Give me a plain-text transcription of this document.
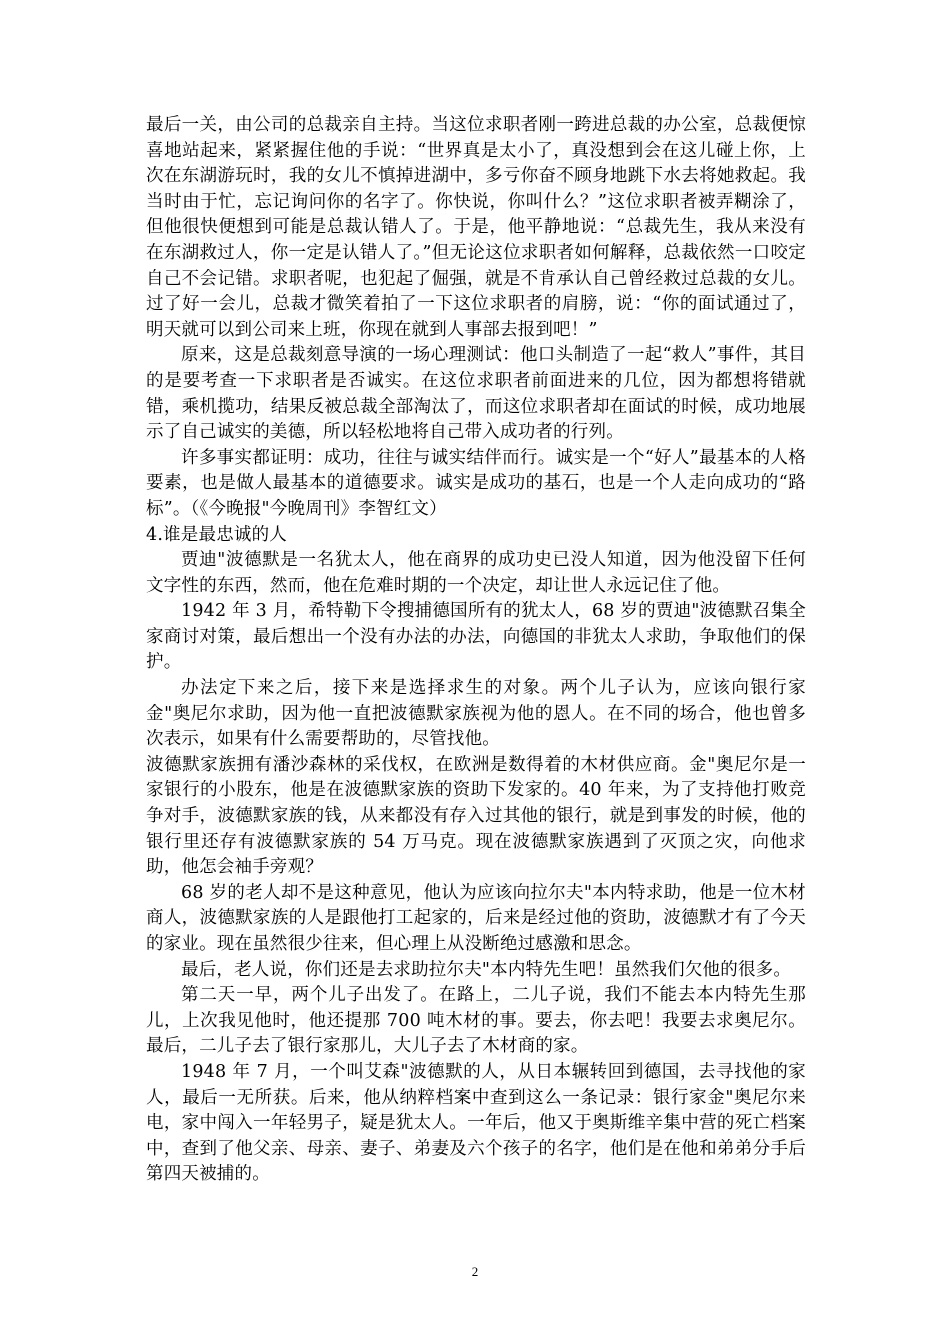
最后一关，由公司的总裁亲自主持。当这位求职者刚一跨进总裁的办公室，总裁便惊喜地站起来，紧紧握住他的手说：“世界真是太小了，真没想到会在这儿碰上你，上次在东湖游玩时，我的女儿不慎掉进湖中，多亏你奋不顾身地跳下水去将她救起。我当时由于忙，忘记询问你的名字了。你快说，你叫什么？”这位求职者被弄糊涂了，但他很快便想到可能是总裁认错人了。于是，他平静地说：“总裁先生，我从来没有在东湖救过人，你一定是认错人了。”但无论这位求职者如何解释，总裁依然一口咬定自己不会记错。求职者呢，也犯起了倔强，就是不肯承认自己曾经救过总裁的女儿。过了好一会儿，总裁才微笑着拍了一下这位求职者的肩膀，说：“你的面试通过了，明天就可以到公司来上班，你现在就到人事部去报到吧！”

原来，这是总裁刻意导演的一场心理测试：他口头制造了一起“救人”事件，其目的是要考查一下求职者是否诚实。在这位求职者前面进来的几位，因为都想将错就错，乘机揽功，结果反被总裁全部淘汰了，而这位求职者却在面试的时候，成功地展示了自己诚实的美德，所以轻松地将自己带入成功者的行列。

许多事实都证明：成功，往往与诚实结伴而行。诚实是一个“好人”最基本的人格要素，也是做人最基本的道德要求。诚实是成功的基石，也是一个人走向成功的“路标”。（《今晚报"今晚周刊》李智红文）

4.谁是最忠诚的人

贾迪"波德默是一名犹太人，他在商界的成功史已没人知道，因为他没留下任何文字性的东西，然而，他在危难时期的一个决定，却让世人永远记住了他。

1942 年 3 月，希特勒下令搜捕德国所有的犹太人，68 岁的贾迪"波德默召集全家商讨对策，最后想出一个没有办法的办法，向德国的非犹太人求助，争取他们的保护。

办法定下来之后，接下来是选择求生的对象。两个儿子认为，应该向银行家金"奥尼尔求助，因为他一直把波德默家族视为他的恩人。在不同的场合，他也曾多次表示，如果有什么需要帮助的，尽管找他。

波德默家族拥有潘沙森林的采伐权，在欧洲是数得着的木材供应商。金"奥尼尔是一家银行的小股东，他是在波德默家族的资助下发家的。40 年来，为了支持他打败竞争对手，波德默家族的钱，从来都没有存入过其他的银行，就是到事发的时候，他的银行里还存有波德默家族的 54 万马克。现在波德默家族遇到了灭顶之灾，向他求助，他怎会袖手旁观？

68 岁的老人却不是这种意见，他认为应该向拉尔夫"本内特求助，他是一位木材商人，波德默家族的人是跟他打工起家的，后来是经过他的资助，波德默才有了今天的家业。现在虽然很少往来，但心理上从没断绝过感激和思念。

最后，老人说，你们还是去求助拉尔夫"本内特先生吧！虽然我们欠他的很多。

第二天一早，两个儿子出发了。在路上，二儿子说，我们不能去本内特先生那儿，上次我见他时，他还提那 700 吨木材的事。要去，你去吧！我要去求奥尼尔。最后，二儿子去了银行家那儿，大儿子去了木材商的家。

1948 年 7 月，一个叫艾森"波德默的人，从日本辗转回到德国，去寻找他的家人，最后一无所获。后来，他从纳粹档案中查到这么一条记录：银行家金"奥尼尔来电，家中闯入一年轻男子，疑是犹太人。一年后，他又于奥斯维辛集中营的死亡档案中，查到了他父亲、母亲、妻子、弟妻及六个孩子的名字，他们是在他和弟弟分手后第四天被捕的。

2
